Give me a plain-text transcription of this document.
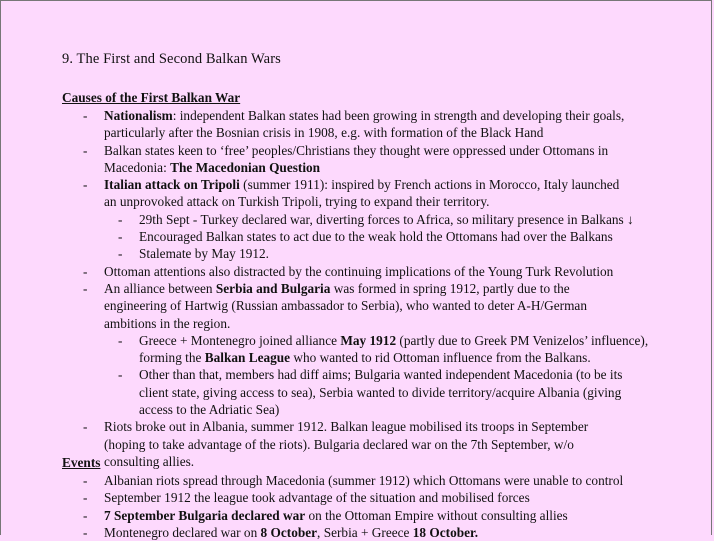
9. The First and Second Balkan Wars
Causes of the First Balkan War
- Nationalism: independent Balkan states had been growing in strength and developing their goals, particularly after the Bosnian crisis in 1908, e.g. with formation of the Black Hand
- Balkan states keen to ‘free’ peoples/Christians they thought were oppressed under Ottomans in Macedonia: The Macedonian Question
- Italian attack on Tripoli (summer 1911): inspired by French actions in Morocco, Italy launched an unprovoked attack on Turkish Tripoli, trying to expand their territory.
- 29th Sept - Turkey declared war, diverting forces to Africa, so military presence in Balkans ↓
- Encouraged Balkan states to act due to the weak hold the Ottomans had over the Balkans
- Stalemate by May 1912.
- Ottoman attentions also distracted by the continuing implications of the Young Turk Revolution
- An alliance between Serbia and Bulgaria was formed in spring 1912, partly due to the engineering of Hartwig (Russian ambassador to Serbia), who wanted to deter A-H/German ambitions in the region.
- Greece + Montenegro joined alliance May 1912 (partly due to Greek PM Venizelos’ influence), forming the Balkan League who wanted to rid Ottoman influence from the Balkans.
- Other than that, members had diff aims; Bulgaria wanted independent Macedonia (to be its client state, giving access to sea), Serbia wanted to divide territory/acquire Albania (giving access to the Adriatic Sea)
- Riots broke out in Albania, summer 1912. Balkan league mobilised its troops in September (hoping to take advantage of the riots). Bulgaria declared war on the 7th September, w/o consulting allies.
Events
- Albanian riots spread through Macedonia (summer 1912) which Ottomans were unable to control
- September 1912 the league took advantage of the situation and mobilised forces
- 7 September Bulgaria declared war on the Ottoman Empire without consulting allies
- Montenegro declared war on 8 October, Serbia + Greece 18 October.
